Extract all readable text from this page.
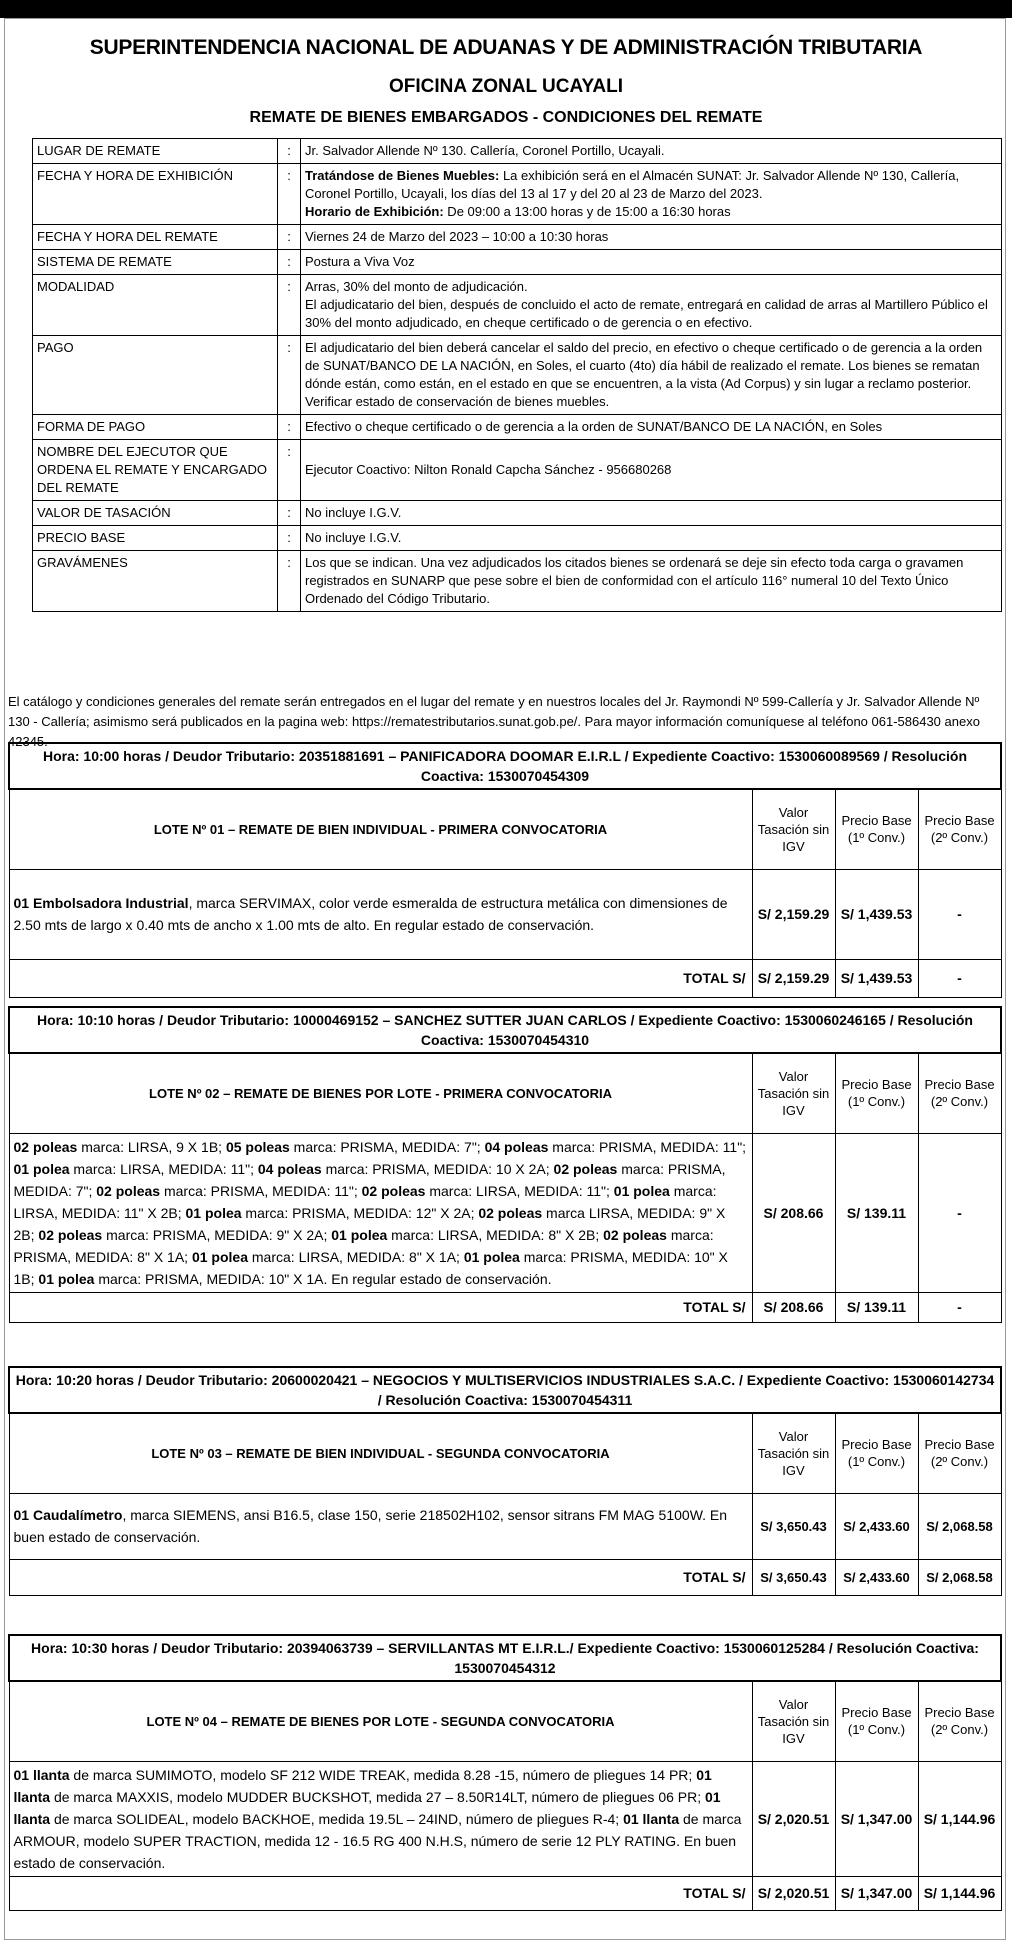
SUPERINTENDENCIA NACIONAL DE ADUANAS Y DE ADMINISTRACIÓN TRIBUTARIA
OFICINA ZONAL UCAYALI
REMATE DE BIENES EMBARGADOS - CONDICIONES DEL REMATE
LUGAR DE REMATE	:	Jr. Salvador Allende Nº 130. Callería, Coronel Portillo, Ucayali.
FECHA Y HORA DE EXHIBICIÓN	:	Tratándose de Bienes Muebles: La exhibición será en el Almacén SUNAT: Jr. Salvador Allende Nº 130, Callería, Coronel Portillo, Ucayali, los días del 13 al 17 y del 20 al 23 de Marzo del 2023.
Horario de Exhibición: De 09:00 a 13:00 horas y de 15:00 a 16:30 horas
FECHA Y HORA DEL REMATE	:	Viernes 24 de Marzo del 2023 – 10:00 a 10:30 horas
SISTEMA DE REMATE	:	Postura a Viva Voz
MODALIDAD	:	Arras, 30% del monto de adjudicación.
El adjudicatario del bien, después de concluido el acto de remate, entregará en calidad de arras al Martillero Público el 30% del monto adjudicado, en cheque certificado o de gerencia o en efectivo.

PAGO	:	El adjudicatario del bien deberá cancelar el saldo del precio, en efectivo o cheque certificado o de gerencia a la orden de SUNAT/BANCO DE LA NACIÓN, en Soles, el cuarto (4to) día hábil de realizado el remate. Los bienes se rematan dónde están, como están, en el estado en que se encuentren, a la vista (Ad Corpus) y sin lugar a reclamo posterior. Verificar estado de conservación de bienes muebles.
FORMA DE PAGO	:	Efectivo o cheque certificado o de gerencia a la orden de SUNAT/BANCO DE LA NACIÓN, en Soles
NOMBRE DEL EJECUTOR QUE ORDENA EL REMATE Y ENCARGADO DEL REMATE	:	Ejecutor Coactivo: Nilton Ronald Capcha Sánchez - 956680268
VALOR DE TASACIÓN	:	No incluye I.G.V.
PRECIO BASE	:	No incluye I.G.V.
GRAVÁMENES	:	Los que se indican. Una vez adjudicados los citados bienes se ordenará se deje sin efecto toda carga o gravamen registrados en SUNARP que pese sobre el bien de conformidad con el artículo 116° numeral 10 del Texto Único Ordenado del Código Tributario.
El catálogo y condiciones generales del remate serán entregados en el lugar del remate y en nuestros locales del Jr. Raymondi Nº 599-Callería y Jr. Salvador Allende Nº 130 - Callería; asimismo será publicados en la pagina web: https://rematestributarios.sunat.gob.pe/. Para mayor información comuníquese al teléfono 061-586430 anexo 42345.
Hora: 10:00 horas / Deudor Tributario: 20351881691 – PANIFICADORA DOOMAR E.I.R.L / Expediente Coactivo: 1530060089569 / Resolución Coactiva: 1530070454309			
LOTE Nº 01 – REMATE DE BIEN INDIVIDUAL - PRIMERA CONVOCATORIA	Valor Tasación sin IGV	Precio Base (1º Conv.)	Precio Base (2º Conv.)
01 Embolsadora Industrial, marca SERVIMAX, color verde esmeralda de estructura metálica con dimensiones de 2.50 mts de largo x 0.40 mts de ancho x 1.00 mts de alto. En regular estado de conservación.	S/ 2,159.29	S/ 1,439.53	-
TOTAL S/	S/ 2,159.29	S/ 1,439.53	-
Hora: 10:10 horas / Deudor Tributario: 10000469152 – SANCHEZ SUTTER JUAN CARLOS / Expediente Coactivo: 1530060246165 / Resolución Coactiva: 1530070454310			
LOTE Nº 02 – REMATE DE BIENES POR LOTE - PRIMERA CONVOCATORIA	Valor Tasación sin IGV	Precio Base (1º Conv.)	Precio Base (2º Conv.)
02 poleas marca: LIRSA, 9 X 1B; 05 poleas marca: PRISMA, MEDIDA: 7"; 04 poleas marca: PRISMA, MEDIDA: 11"; 01 polea marca: LIRSA, MEDIDA: 11"; 04 poleas marca: PRISMA, MEDIDA: 10 X 2A; 02 poleas marca: PRISMA, MEDIDA: 7"; 02 poleas marca: PRISMA, MEDIDA: 11"; 02 poleas marca: LIRSA, MEDIDA: 11"; 01 polea marca: LIRSA, MEDIDA: 11" X 2B; 01 polea marca: PRISMA, MEDIDA: 12" X 2A; 02 poleas marca LIRSA, MEDIDA: 9" X 2B; 02 poleas marca: PRISMA, MEDIDA: 9" X 2A; 01 polea marca: LIRSA, MEDIDA: 8" X 2B; 02 poleas marca: PRISMA, MEDIDA: 8" X 1A; 01 polea marca: LIRSA, MEDIDA: 8" X 1A; 01 polea marca: PRISMA, MEDIDA: 10" X 1B; 01 polea marca: PRISMA, MEDIDA: 10" X 1A. En regular estado de conservación.	S/ 208.66	S/ 139.11	-
TOTAL S/	S/ 208.66	S/ 139.11	-
Hora: 10:20 horas / Deudor Tributario: 20600020421 – NEGOCIOS Y MULTISERVICIOS INDUSTRIALES S.A.C. / Expediente Coactivo: 1530060142734 / Resolución Coactiva: 1530070454311			
LOTE Nº 03 – REMATE DE BIEN INDIVIDUAL - SEGUNDA CONVOCATORIA	Valor Tasación sin IGV	Precio Base (1º Conv.)	Precio Base (2º Conv.)
01 Caudalímetro, marca SIEMENS, ansi B16.5, clase 150, serie 218502H102, sensor sitrans FM MAG 5100W. En buen estado de conservación.	S/ 3,650.43	S/ 2,433.60	S/ 2,068.58
TOTAL S/	S/ 3,650.43	S/ 2,433.60	S/ 2,068.58
Hora: 10:30 horas / Deudor Tributario: 20394063739 – SERVILLANTAS MT E.I.R.L./ Expediente Coactivo: 1530060125284 / Resolución Coactiva: 1530070454312			
LOTE Nº 04 – REMATE DE BIENES POR LOTE - SEGUNDA CONVOCATORIA	Valor Tasación sin IGV	Precio Base (1º Conv.)	Precio Base (2º Conv.)
01 llanta de marca SUMIMOTO, modelo SF 212 WIDE TREAK, medida 8.28 -15, número de pliegues 14 PR; 01 llanta de marca MAXXIS, modelo MUDDER BUCKSHOT, medida 27 – 8.50R14LT, número de pliegues 06 PR; 01 llanta de marca SOLIDEAL, modelo BACKHOE, medida 19.5L – 24IND, número de pliegues R-4; 01 llanta de marca ARMOUR, modelo SUPER TRACTION, medida 12 - 16.5 RG 400 N.H.S, número de serie 12 PLY RATING. En buen estado de conservación.	S/ 2,020.51	S/ 1,347.00	S/ 1,144.96
TOTAL S/	S/ 2,020.51	S/ 1,347.00	S/ 1,144.96
